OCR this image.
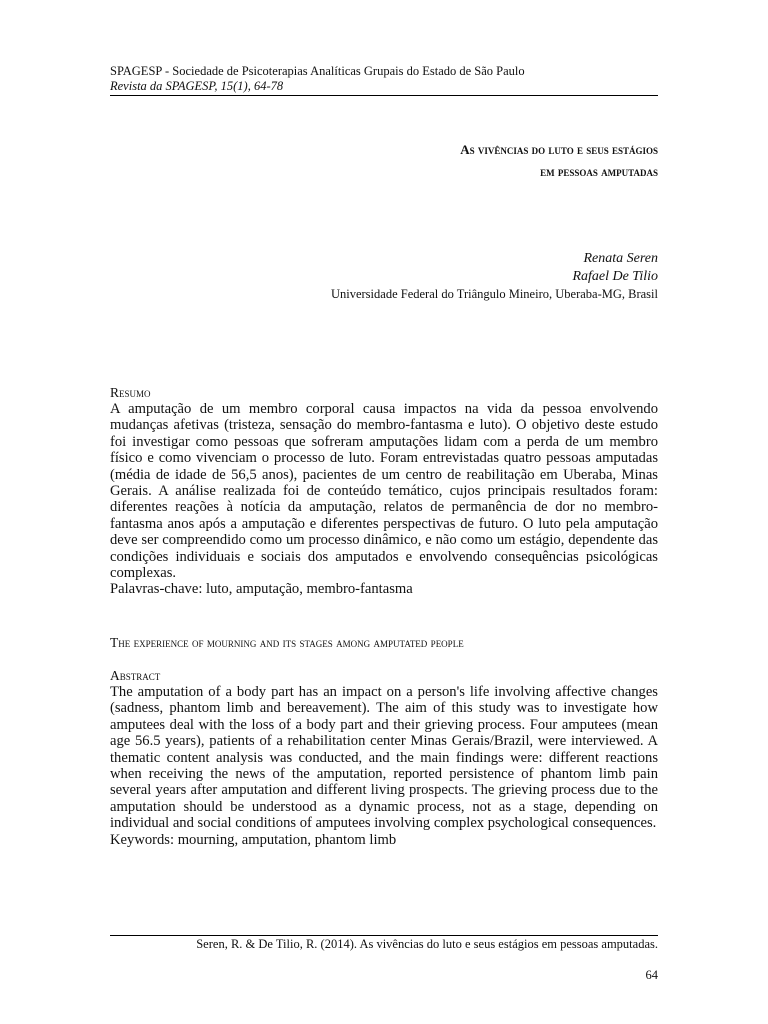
SPAGESP - Sociedade de Psicoterapias Analíticas Grupais do Estado de São Paulo
Revista da SPAGESP, 15(1), 64-78
As vivências do luto e seus estágios
em pessoas amputadas
Renata Seren
Rafael De Tilio
Universidade Federal do Triângulo Mineiro, Uberaba-MG, Brasil
Resumo

A amputação de um membro corporal causa impactos na vida da pessoa envolvendo mudanças afetivas (tristeza, sensação do membro-fantasma e luto). O objetivo deste estudo foi investigar como pessoas que sofreram amputações lidam com a perda de um membro físico e como vivenciam o processo de luto. Foram entrevistadas quatro pessoas amputadas (média de idade de 56,5 anos), pacientes de um centro de reabilitação em Uberaba, Minas Gerais. A análise realizada foi de conteúdo temático, cujos principais resultados foram: diferentes reações à notícia da amputação, relatos de permanência de dor no membro-fantasma anos após a amputação e diferentes perspectivas de futuro. O luto pela amputação deve ser compreendido como um processo dinâmico, e não como um estágio, dependente das condições individuais e sociais dos amputados e envolvendo consequências psicológicas complexas.

Palavras-chave: luto, amputação, membro-fantasma

The experience of mourning and its stages among amputated people
Abstract

The amputation of a body part has an impact on a person's life involving affective changes (sadness, phantom limb and bereavement). The aim of this study was to investigate how amputees deal with the loss of a body part and their grieving process. Four amputees (mean age 56.5 years), patients of a rehabilitation center Minas Gerais/Brazil, were interviewed. A thematic content analysis was conducted, and the main findings were: different reactions when receiving the news of the amputation, reported persistence of phantom limb pain several years after amputation and different living prospects. The grieving process due to the amputation should be understood as a dynamic process, not as a stage, depending on individual and social conditions of amputees involving complex psychological consequences.

Keywords: mourning, amputation, phantom limb

Seren, R. & De Tilio, R. (2014). As vivências do luto e seus estágios em pessoas amputadas.
64
